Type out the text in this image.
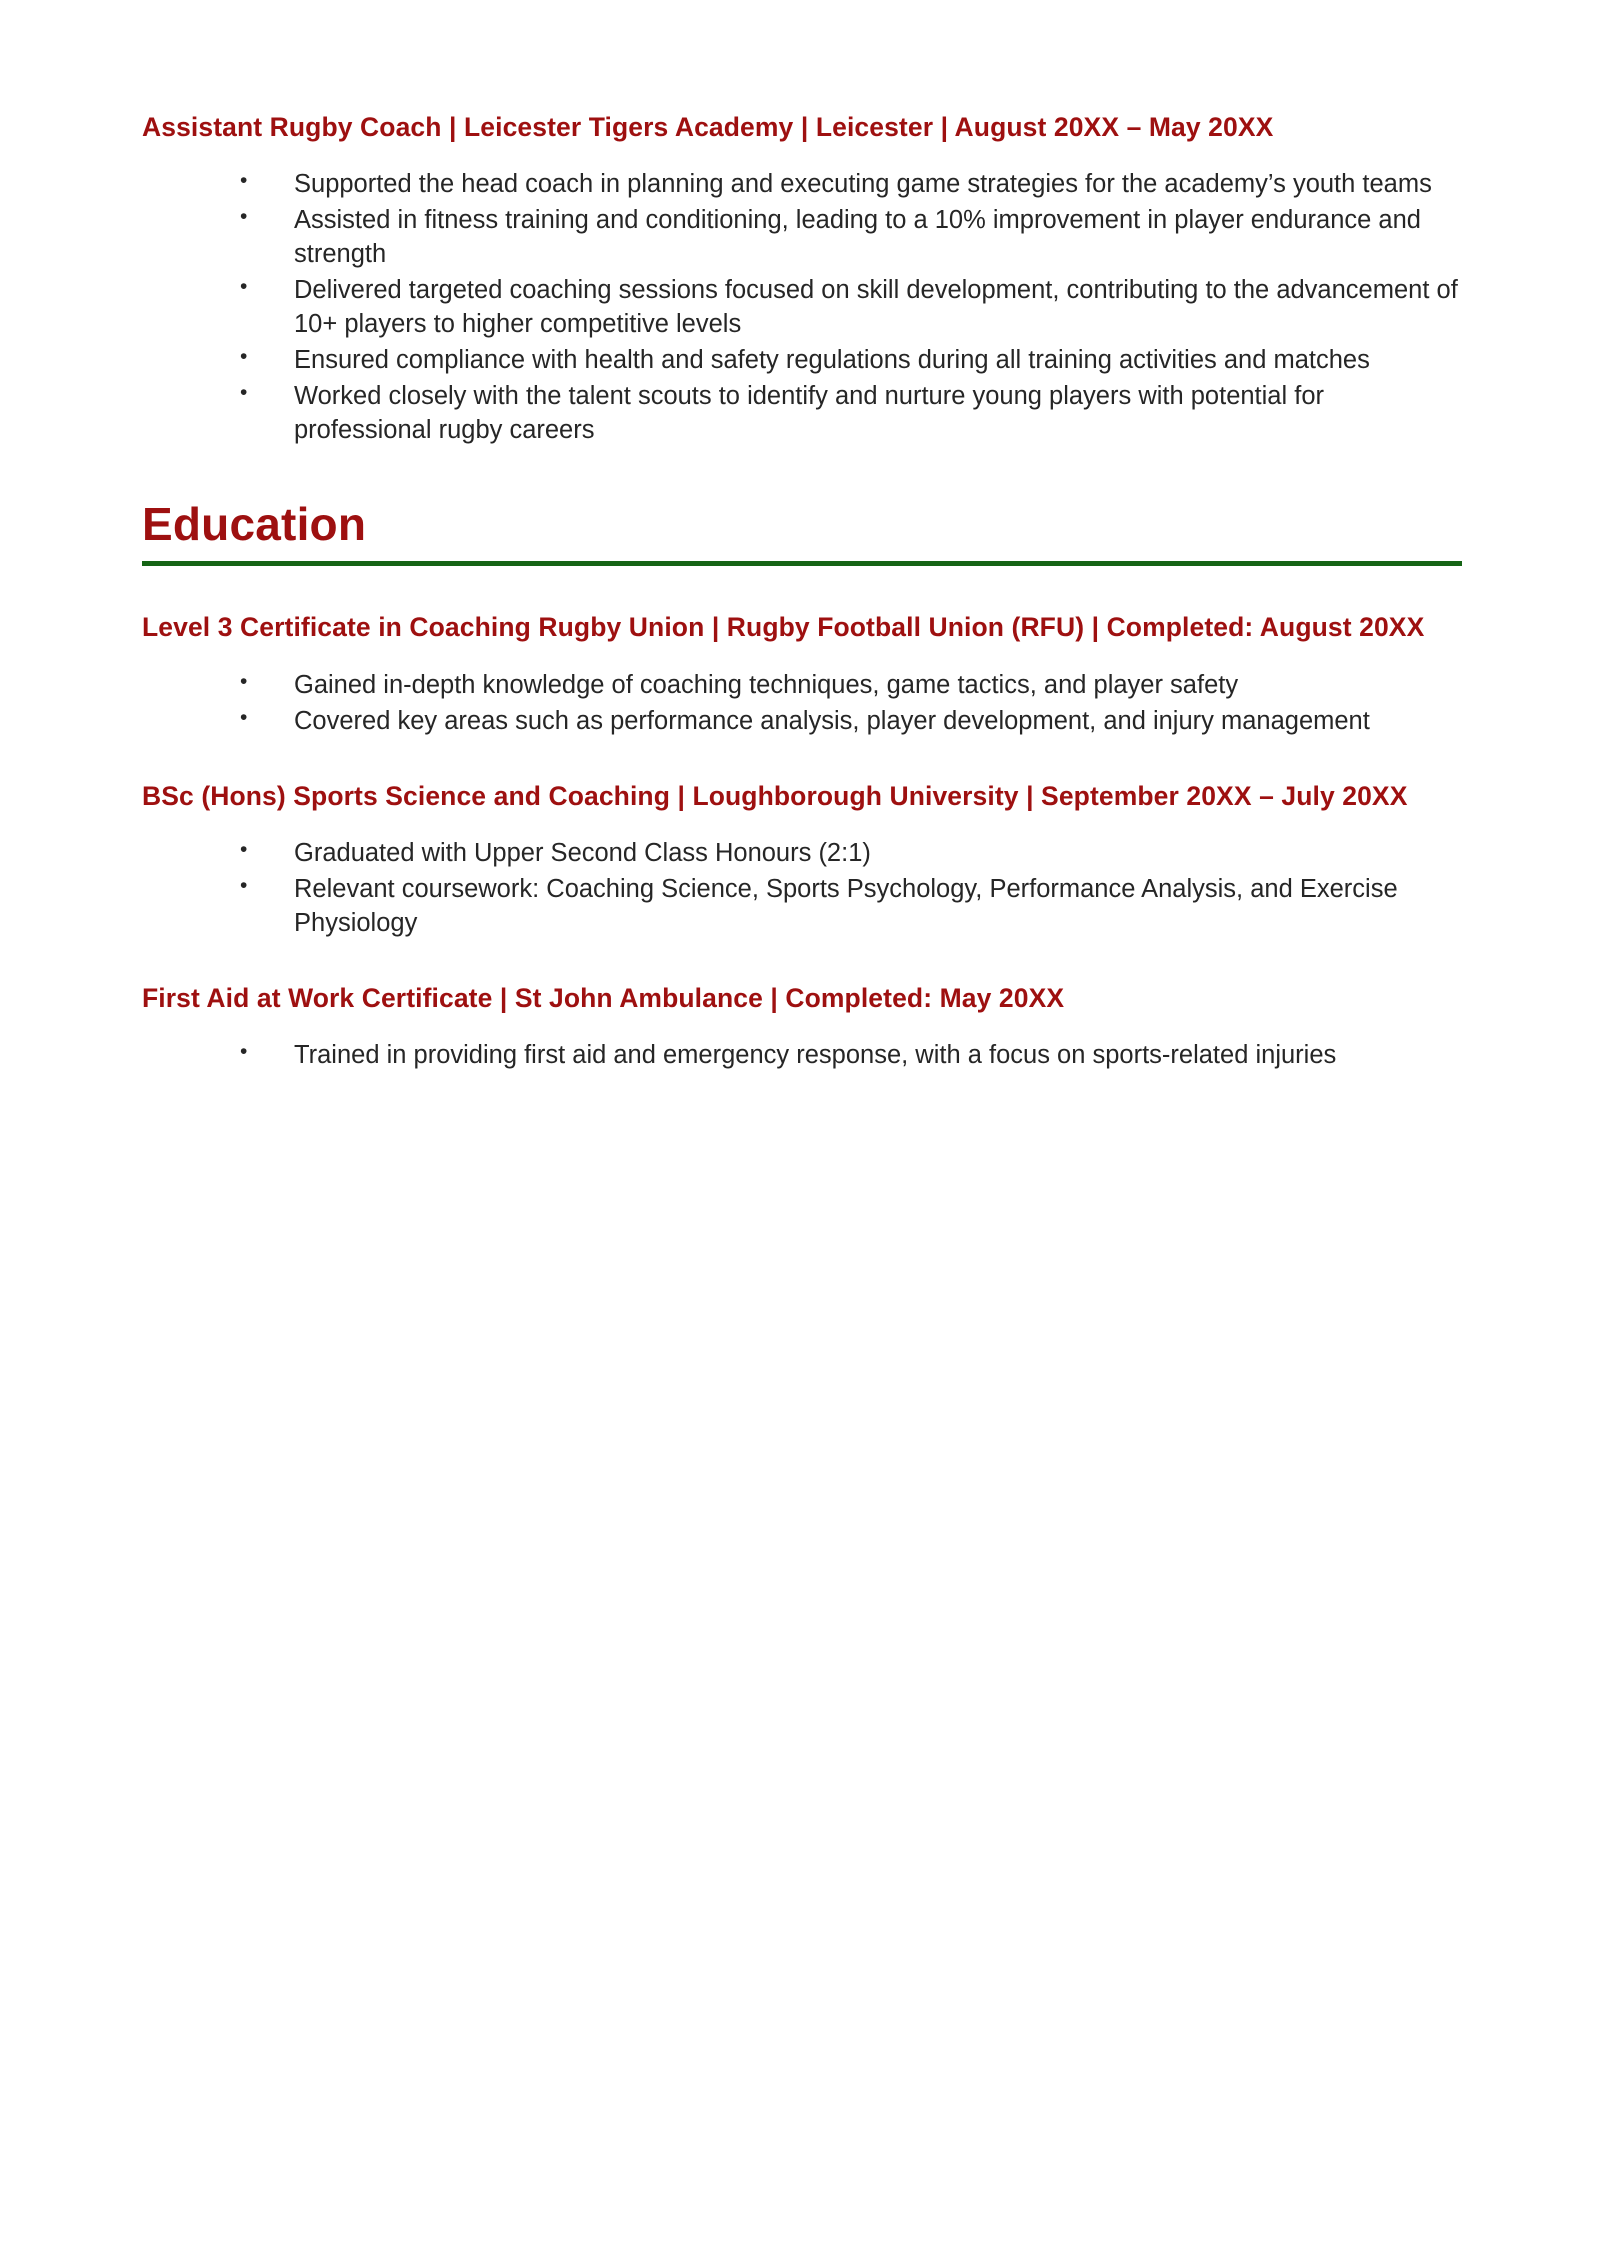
Assistant Rugby Coach | Leicester Tigers Academy | Leicester | August 20XX – May 20XX

• Supported the head coach in planning and executing game strategies for the academy’s youth teams
• Assisted in fitness training and conditioning, leading to a 10% improvement in player endurance and strength
• Delivered targeted coaching sessions focused on skill development, contributing to the advancement of 10+ players to higher competitive levels
• Ensured compliance with health and safety regulations during all training activities and matches
• Worked closely with the talent scouts to identify and nurture young players with potential for professional rugby careers
Education

Level 3 Certificate in Coaching Rugby Union | Rugby Football Union (RFU) | Completed: August 20XX

• Gained in-depth knowledge of coaching techniques, game tactics, and player safety
• Covered key areas such as performance analysis, player development, and injury management

BSc (Hons) Sports Science and Coaching | Loughborough University | September 20XX – July 20XX

• Graduated with Upper Second Class Honours (2:1)
• Relevant coursework: Coaching Science, Sports Psychology, Performance Analysis, and Exercise Physiology

First Aid at Work Certificate | St John Ambulance | Completed: May 20XX

• Trained in providing first aid and emergency response, with a focus on sports-related injuries
